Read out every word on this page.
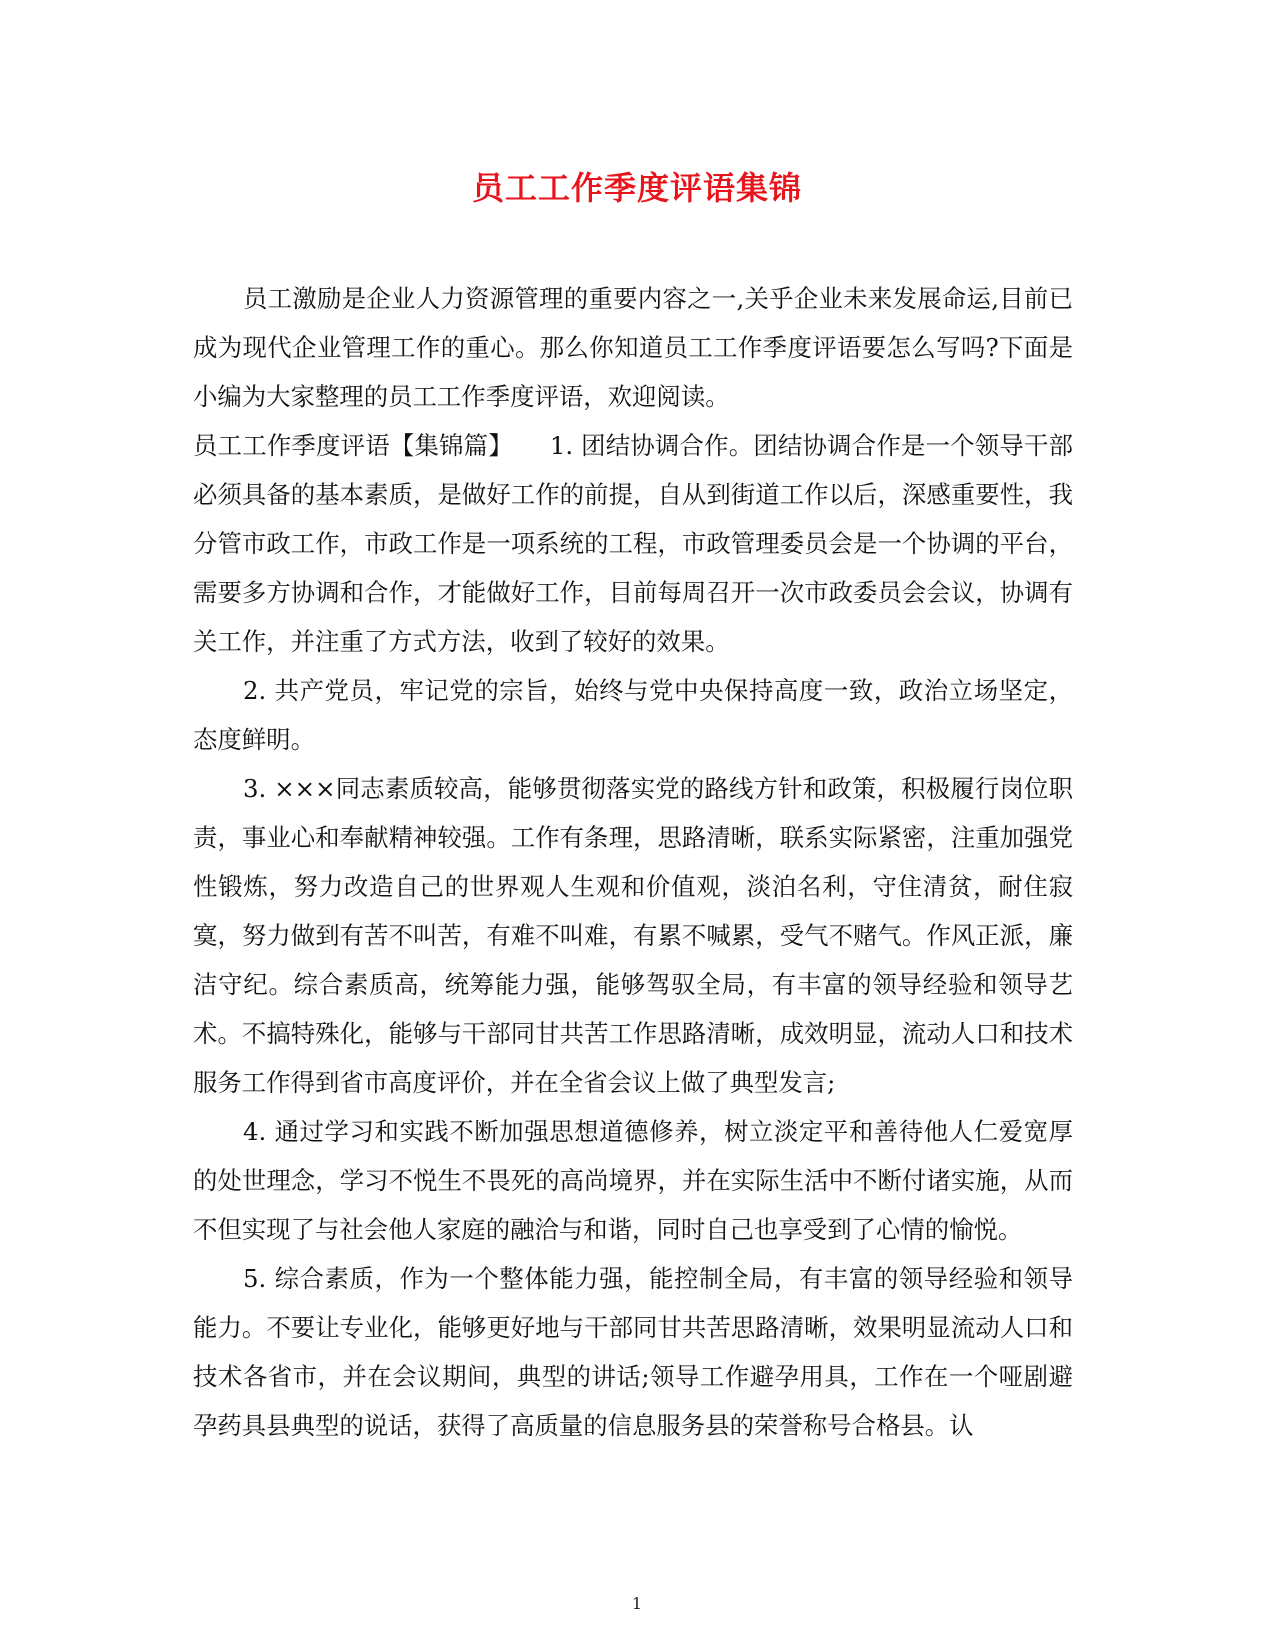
员工工作季度评语集锦

员工激励是企业人力资源管理的重要内容之一,关乎企业未来发展命运,目前已成为现代企业管理工作的重心。那么你知道员工工作季度评语要怎么写吗?下面是小编为大家整理的员工工作季度评语，欢迎阅读。

员工工作季度评语【集锦篇】　　1. 团结协调合作。团结协调合作是一个领导干部必须具备的基本素质，是做好工作的前提，自从到街道工作以后，深感重要性，我分管市政工作，市政工作是一项系统的工程，市政管理委员会是一个协调的平台，需要多方协调和合作，才能做好工作，目前每周召开一次市政委员会会议，协调有关工作，并注重了方式方法，收到了较好的效果。

2. 共产党员，牢记党的宗旨，始终与党中央保持高度一致，政治立场坚定，态度鲜明。

3. ×××同志素质较高，能够贯彻落实党的路线方针和政策，积极履行岗位职责，事业心和奉献精神较强。工作有条理，思路清晰，联系实际紧密，注重加强党性锻炼，努力改造自己的世界观人生观和价值观，淡泊名利，守住清贫，耐住寂寞，努力做到有苦不叫苦，有难不叫难，有累不喊累，受气不赌气。作风正派，廉洁守纪。综合素质高，统筹能力强，能够驾驭全局，有丰富的领导经验和领导艺术。不搞特殊化，能够与干部同甘共苦工作思路清晰，成效明显，流动人口和技术服务工作得到省市高度评价，并在全省会议上做了典型发言;

4. 通过学习和实践不断加强思想道德修养，树立淡定平和善待他人仁爱宽厚的处世理念，学习不悦生不畏死的高尚境界，并在实际生活中不断付诸实施，从而不但实现了与社会他人家庭的融洽与和谐，同时自己也享受到了心情的愉悦。

5. 综合素质，作为一个整体能力强，能控制全局，有丰富的领导经验和领导能力。不要让专业化，能够更好地与干部同甘共苦思路清晰，效果明显流动人口和技术各省市，并在会议期间，典型的讲话;领导工作避孕用具，工作在一个哑剧避孕药具县典型的说话，获得了高质量的信息服务县的荣誉称号合格县。认

1
